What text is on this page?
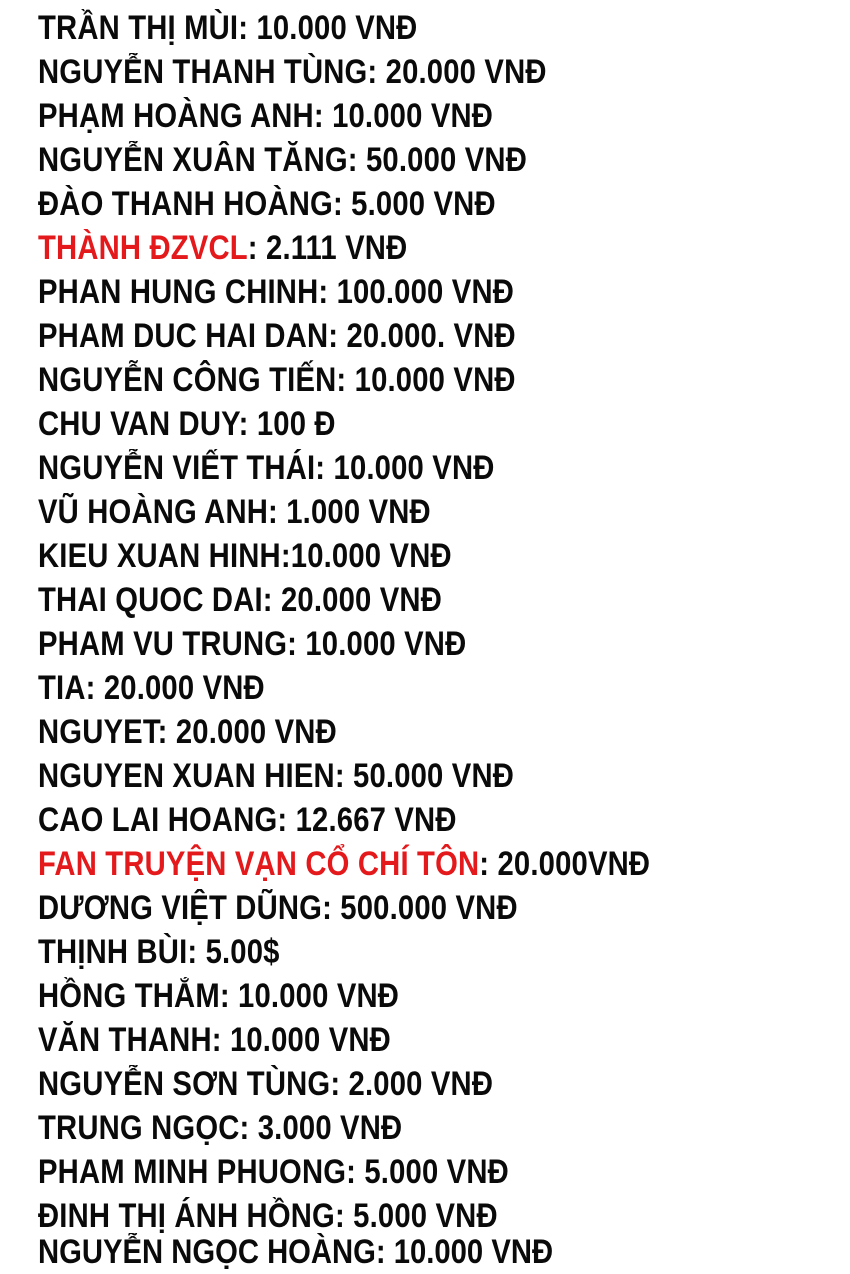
TRẦN THỊ MÙI: 10.000 VNĐ
NGUYỄN THANH TÙNG: 20.000 VNĐ
PHẠM HOÀNG ANH: 10.000 VNĐ
NGUYỄN XUÂN TĂNG: 50.000 VNĐ
ĐÀO THANH HOÀNG: 5.000 VNĐ
THÀNH ĐZVCL: 2.111 VNĐ
PHAN HUNG CHINH: 100.000 VNĐ
PHAM DUC HAI DAN: 20.000. VNĐ
NGUYỄN CÔNG TIẾN: 10.000 VNĐ
CHU VAN DUY: 100 Đ
NGUYỄN VIẾT THÁI: 10.000 VNĐ
VŨ HOÀNG ANH: 1.000 VNĐ
KIEU XUAN HINH:10.000 VNĐ
THAI QUOC DAI: 20.000 VNĐ
PHAM VU TRUNG: 10.000 VNĐ
TIA: 20.000 VNĐ
NGUYET: 20.000 VNĐ
NGUYEN XUAN HIEN: 50.000 VNĐ
CAO LAI HOANG: 12.667 VNĐ
FAN TRUYỆN VẠN CỔ CHÍ TÔN: 20.000VNĐ
DƯƠNG VIỆT DŨNG: 500.000 VNĐ
THỊNH BÙI: 5.00$
HỒNG THẮM: 10.000 VNĐ
VĂN THANH: 10.000 VNĐ
NGUYỄN SƠN TÙNG: 2.000 VNĐ
TRUNG NGỌC: 3.000 VNĐ
PHAM MINH PHUONG: 5.000 VNĐ
ĐINH THỊ ÁNH HỒNG: 5.000 VNĐ
NGUYỄN NGỌC HOÀNG: 10.000 VNĐ
